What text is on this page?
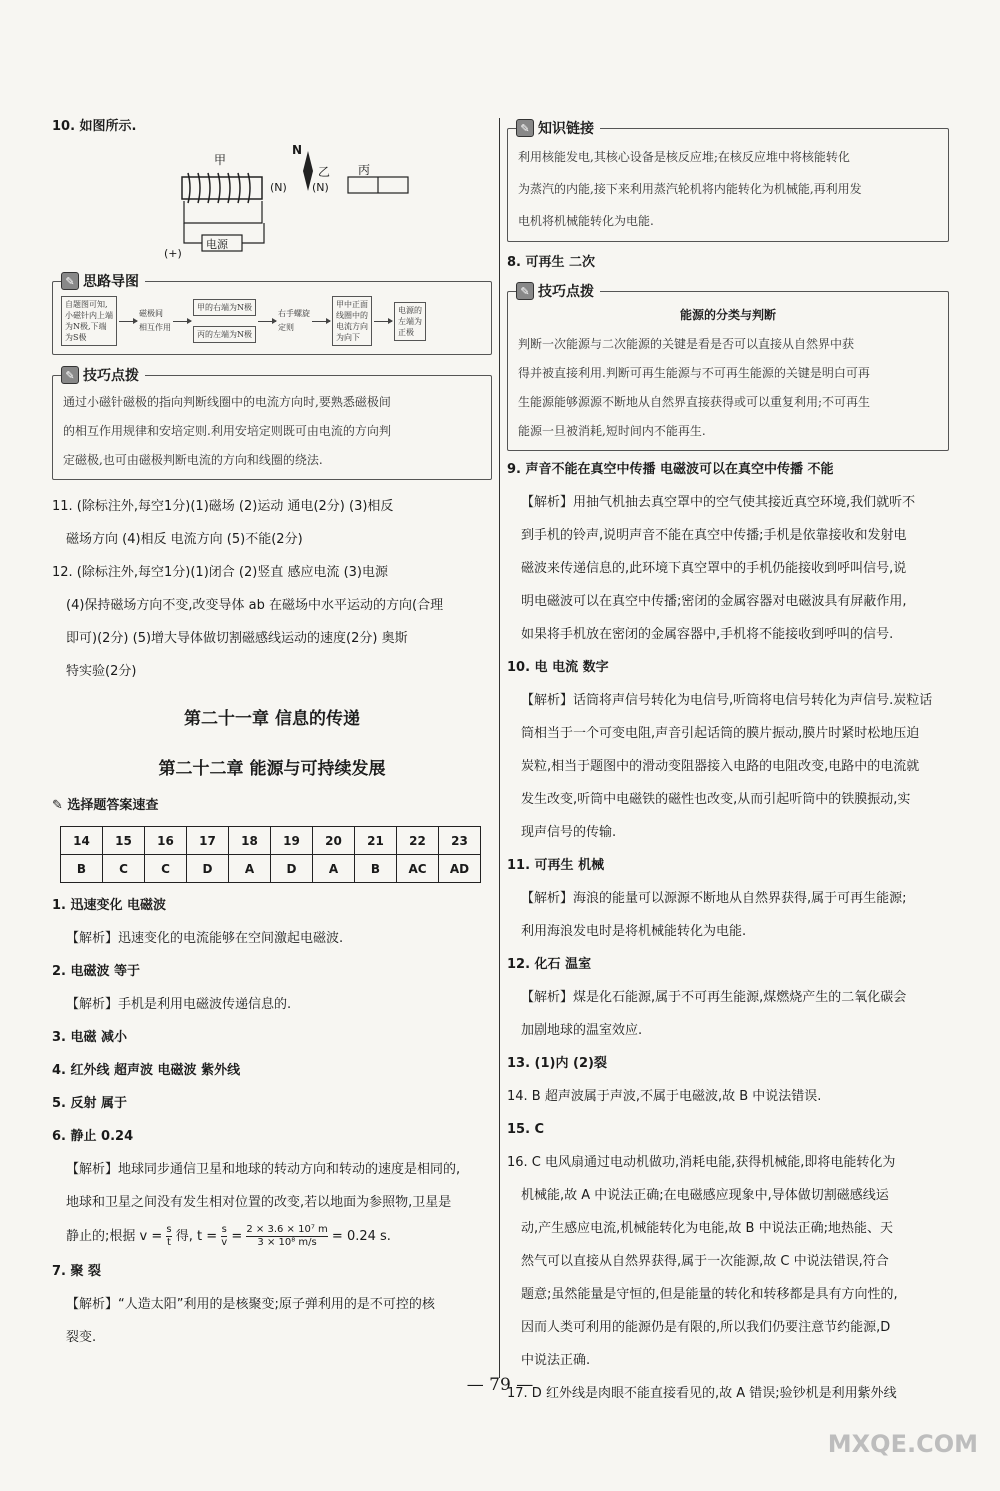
10. 如图所示.
甲
N
乙 丙
(N) (N)
(+)
电源
✎ 思路导图
自题图可知,
小磁针内上端
为N极,下端
为S极
磁极间
相互作用
甲的右端为N极
丙的左端为N极
右手螺旋
定则
甲中正面
线圈中的
电流方向
为向下
电源的
左端为
正极
✎ 技巧点拨
通过小磁针磁极的指向判断线圈中的电流方向时,要熟悉磁极间
的相互作用规律和安培定则.利用安培定则既可由电流的方向判
定磁极,也可由磁极判断电流的方向和线圈的绕法.
11. (除标注外,每空1分)(1)磁场 (2)运动 通电(2分) (3)相反
磁场方向 (4)相反 电流方向 (5)不能(2分)
12. (除标注外,每空1分)(1)闭合 (2)竖直 感应电流 (3)电源
(4)保持磁场方向不变,改变导体 ab 在磁场中水平运动的方向(合理
即可)(2分) (5)增大导体做切割磁感线运动的速度(2分) 奥斯
特实验(2分)
第二十一章 信息的传递
第二十二章 能源与可持续发展
✎ 选择题答案速查
14	15	16	17	18	19	20	21	22	23
B	C	C	D	A	D	A	B	AC	AD
1. 迅速变化 电磁波
【解析】迅速变化的电流能够在空间激起电磁波.
2. 电磁波 等于
【解析】手机是利用电磁波传递信息的.
3. 电磁 减小
4. 红外线 超声波 电磁波 紫外线
5. 反射 属于
6. 静止 0.24
【解析】地球同步通信卫星和地球的转动方向和转动的速度是相同的,
地球和卫星之间没有发生相对位置的改变,若以地面为参照物,卫星是
静止的;根据 $v = \frac{s}{t}$ 得, $t = \frac{s}{v} = \frac{\text{2 × 3.6 × 10⁷ m}}{\text{3 × 10⁸ m/s}} = 0.24$ s.
7. 聚 裂
【解析】“人造太阳”利用的是核聚变;原子弹利用的是不可控的核
裂变.
✎ 知识链接
利用核能发电,其核心设备是核反应堆;在核反应堆中将核能转化
为蒸汽的内能,接下来利用蒸汽轮机将内能转化为机械能,再利用发
电机将机械能转化为电能.
8. 可再生 二次
✎ 技巧点拨
能源的分类与判断
判断一次能源与二次能源的关键是看是否可以直接从自然界中获
得并被直接利用.判断可再生能源与不可再生能源的关键是明白可再
生能源能够源源不断地从自然界直接获得或可以重复利用;不可再生
能源一旦被消耗,短时间内不能再生.
9. 声音不能在真空中传播 电磁波可以在真空中传播 不能
【解析】用抽气机抽去真空罩中的空气使其接近真空环境,我们就听不
到手机的铃声,说明声音不能在真空中传播;手机是依靠接收和发射电
磁波来传递信息的,此环境下真空罩中的手机仍能接收到呼叫信号,说
明电磁波可以在真空中传播;密闭的金属容器对电磁波具有屏蔽作用,
如果将手机放在密闭的金属容器中,手机将不能接收到呼叫的信号.
10. 电 电流 数字
【解析】话筒将声信号转化为电信号,听筒将电信号转化为声信号.炭粒话
筒相当于一个可变电阻,声音引起话筒的膜片振动,膜片时紧时松地压迫
炭粒,相当于题图中的滑动变阻器接入电路的电阻改变,电路中的电流就
发生改变,听筒中电磁铁的磁性也改变,从而引起听筒中的铁膜振动,实
现声信号的传输.
11. 可再生 机械
【解析】海浪的能量可以源源不断地从自然界获得,属于可再生能源;
利用海浪发电时是将机械能转化为电能.
12. 化石 温室
【解析】煤是化石能源,属于不可再生能源,煤燃烧产生的二氧化碳会
加剧地球的温室效应.
13. (1)内 (2)裂
14. B 超声波属于声波,不属于电磁波,故 B 中说法错误.
15. C
16. C 电风扇通过电动机做功,消耗电能,获得机械能,即将电能转化为
机械能,故 A 中说法正确;在电磁感应现象中,导体做切割磁感线运
动,产生感应电流,机械能转化为电能,故 B 中说法正确;地热能、天
然气可以直接从自然界获得,属于一次能源,故 C 中说法错误,符合
题意;虽然能量是守恒的,但是能量的转化和转移都是具有方向性的,
因而人类可利用的能源仍是有限的,所以我们仍要注意节约能源,D
中说法正确.
17. D 红外线是肉眼不能直接看见的,故 A 错误;验钞机是利用紫外线
— 79 —
MXQE.COM
